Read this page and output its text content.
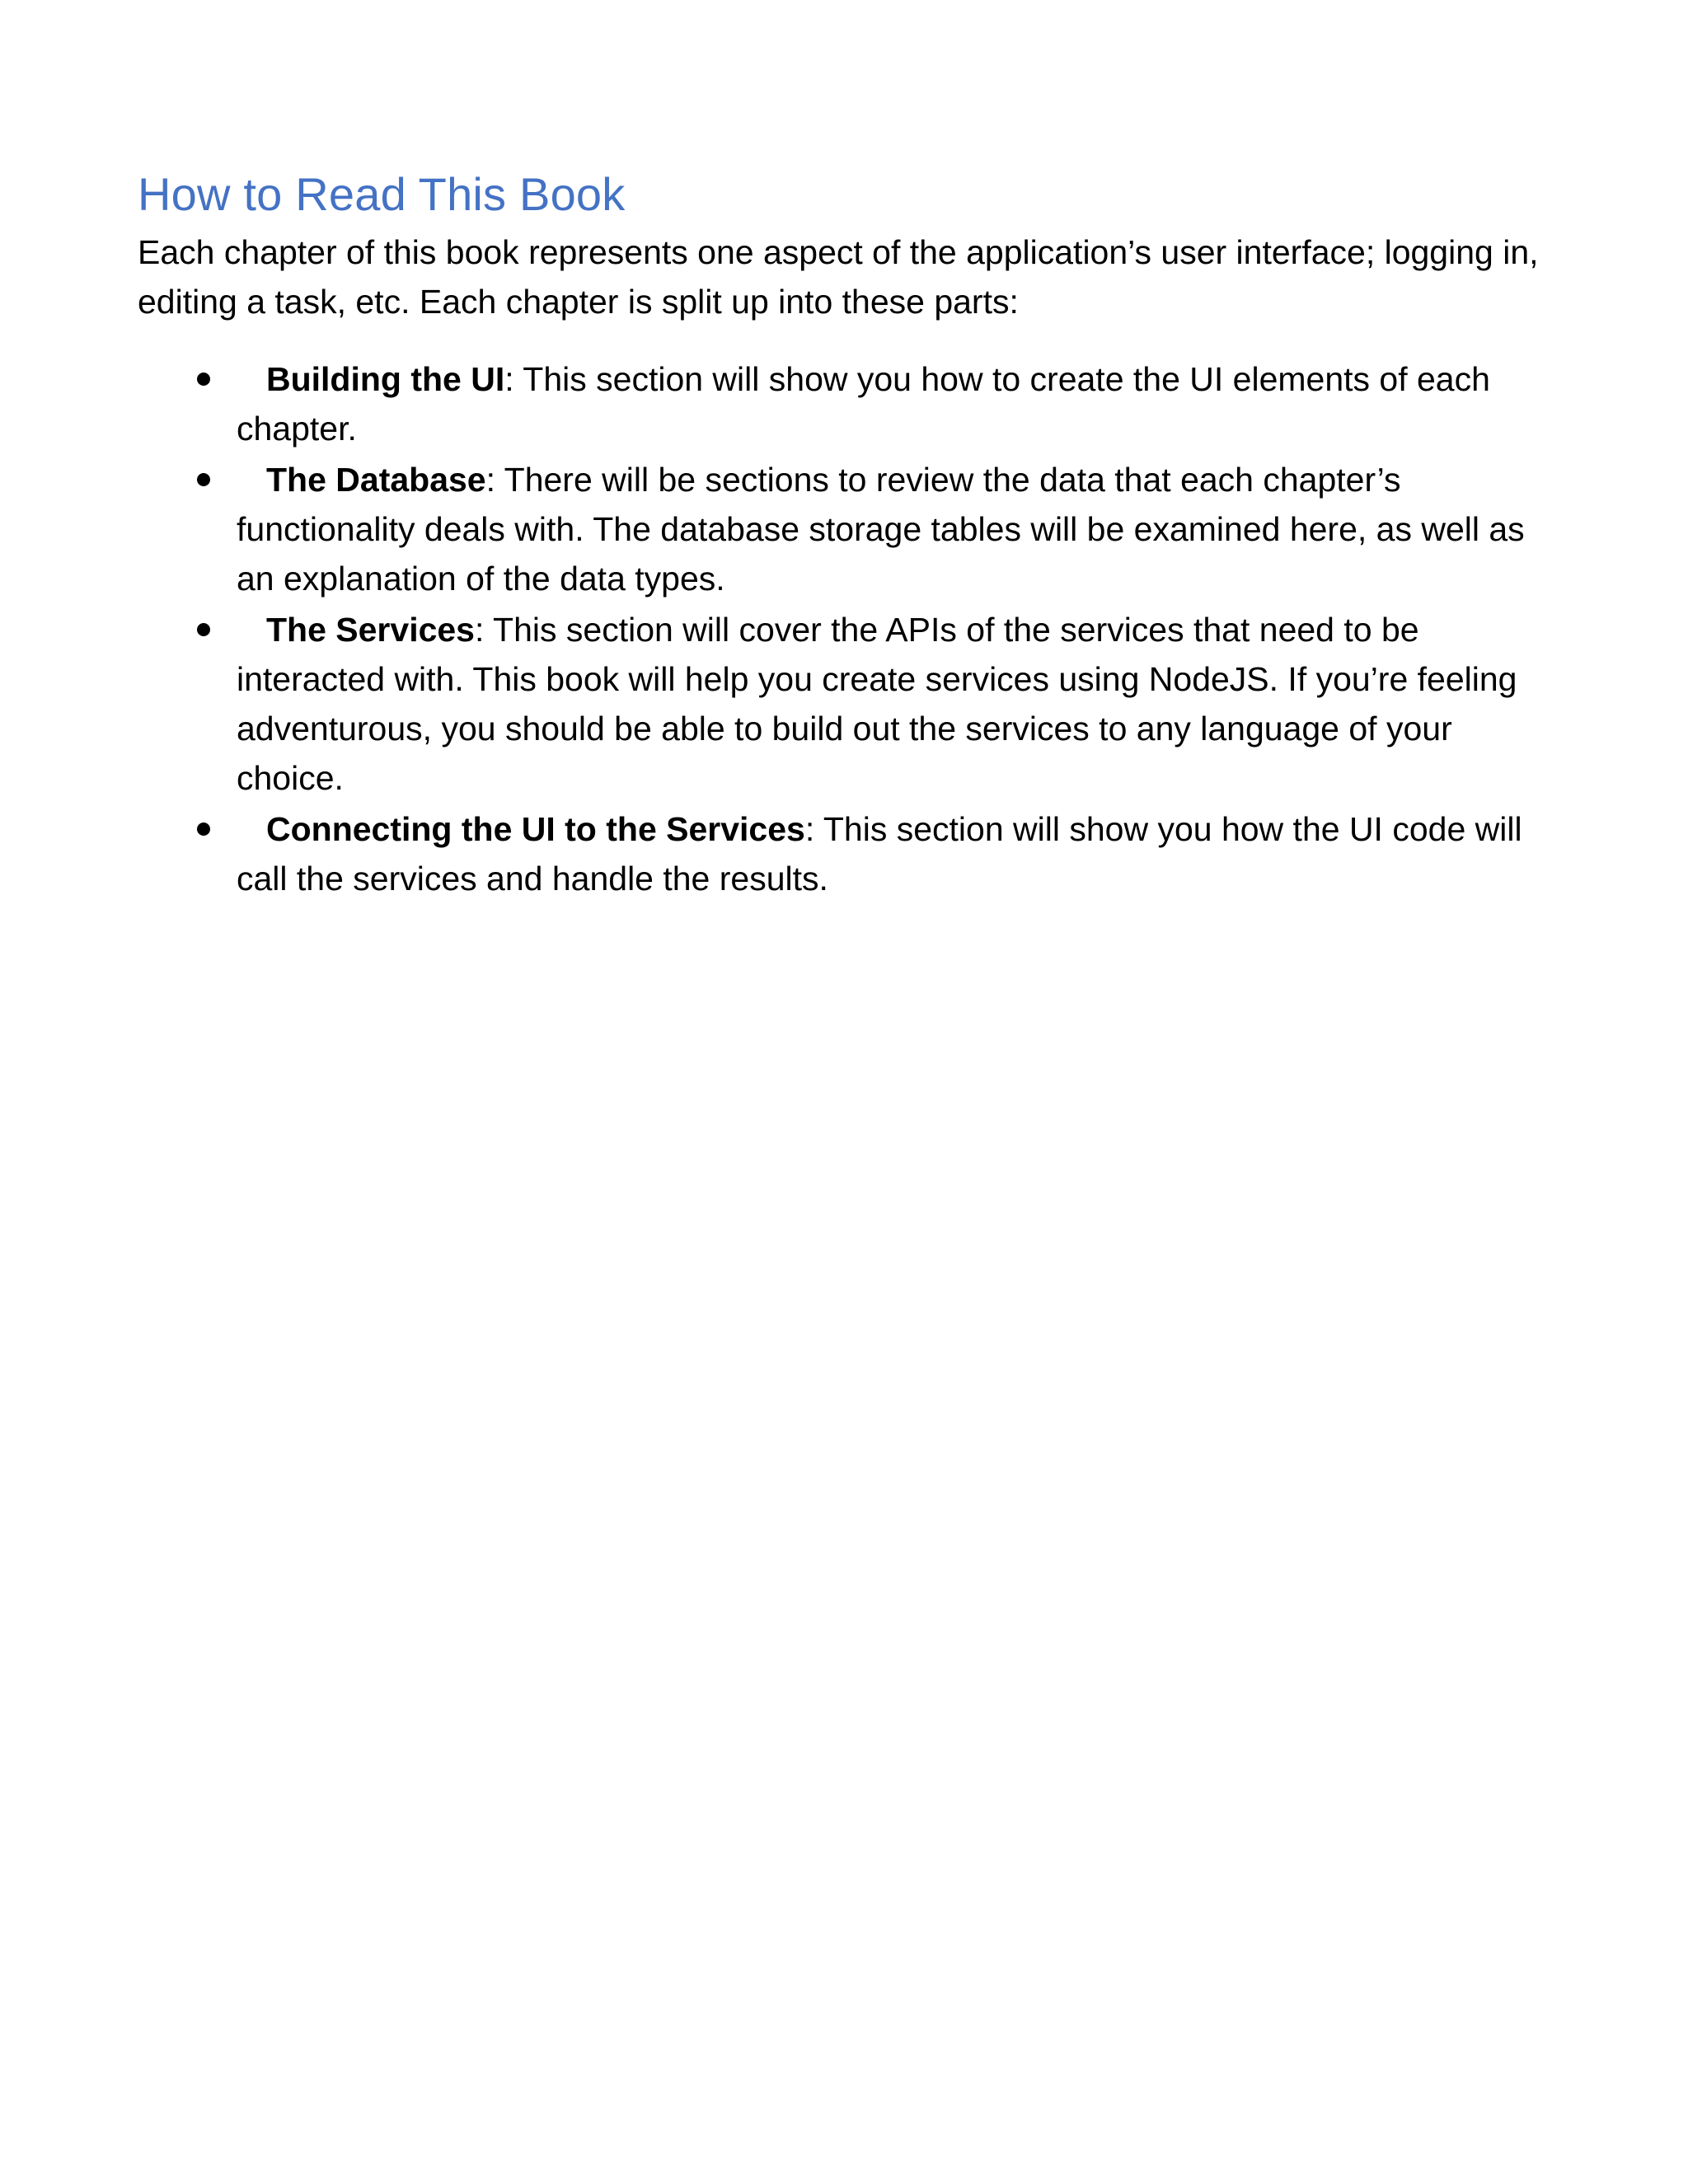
How to Read This Book

Each chapter of this book represents one aspect of the application’s user interface; logging in, editing a task, etc. Each chapter is split up into these parts:

Building the UI: This section will show you how to create the UI elements of each chapter.
The Database: There will be sections to review the data that each chapter’s functionality deals with. The database storage tables will be examined here, as well as an explanation of the data types.
The Services: This section will cover the APIs of the services that need to be interacted with. This book will help you create services using NodeJS. If you’re feeling adventurous, you should be able to build out the services to any language of your choice.
Connecting the UI to the Services: This section will show you how the UI code will call the services and handle the results.
